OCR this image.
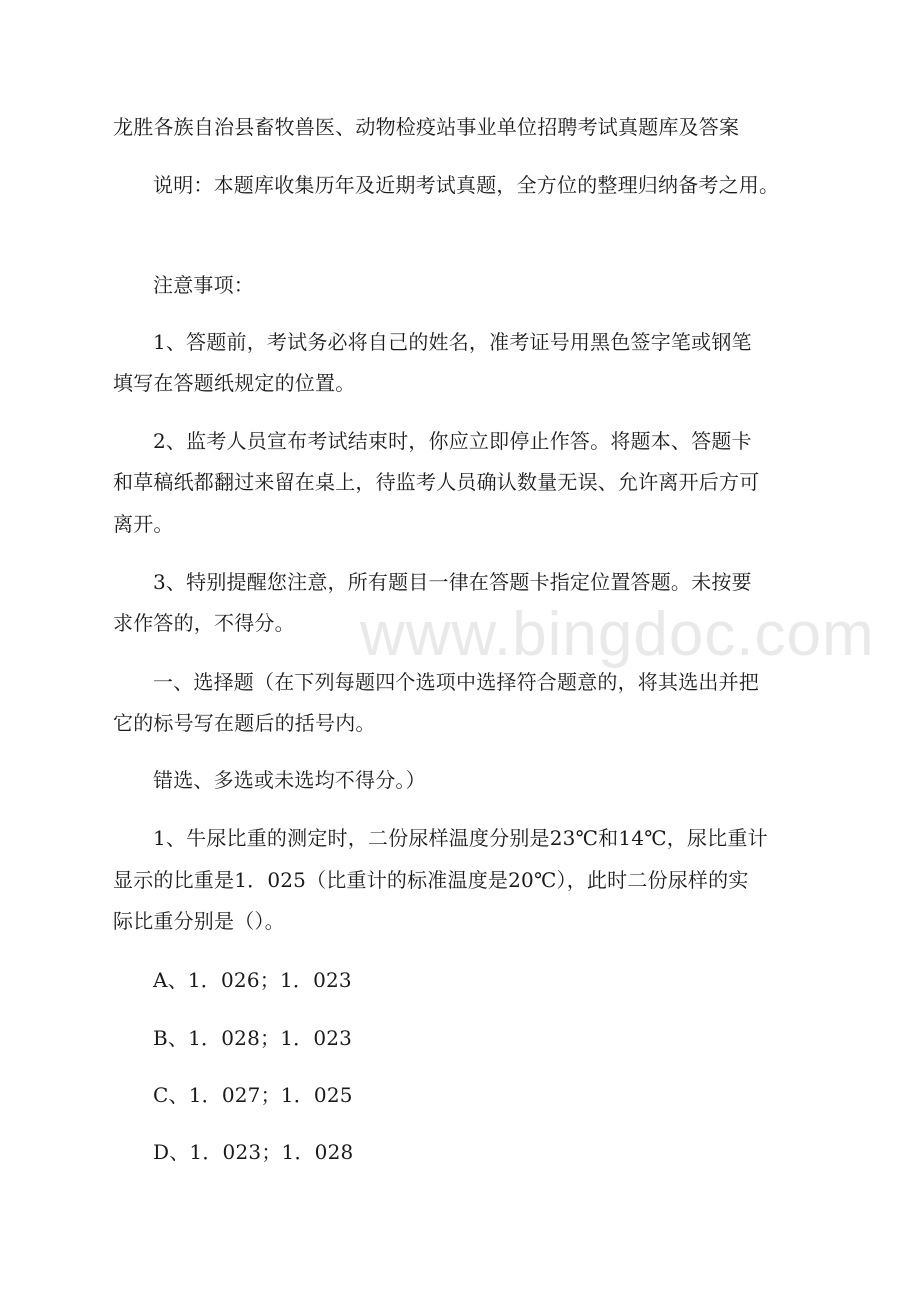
www.bingdoc.com
龙胜各族自治县畜牧兽医、动物检疫站事业单位招聘考试真题库及答案
说明：本题库收集历年及近期考试真题，全方位的整理归纳备考之用。
注意事项：
1、答题前，考试务必将自己的姓名，准考证号用黑色签字笔或钢笔
填写在答题纸规定的位置。
2、监考人员宣布考试结束时，你应立即停止作答。将题本、答题卡
和草稿纸都翻过来留在桌上，待监考人员确认数量无误、允许离开后方可
离开。
3、特别提醒您注意，所有题目一律在答题卡指定位置答题。未按要
求作答的，不得分。
一、选择题（在下列每题四个选项中选择符合题意的，将其选出并把
它的标号写在题后的括号内。
错选、多选或未选均不得分。）
1、牛尿比重的测定时，二份尿样温度分别是23℃和14℃，尿比重计
显示的比重是1．025（比重计的标准温度是20℃），此时二份尿样的实
际比重分别是（）。
A、1．026；1．023
B、1．028；1．023
C、1．027；1．025
D、1．023；1．028
